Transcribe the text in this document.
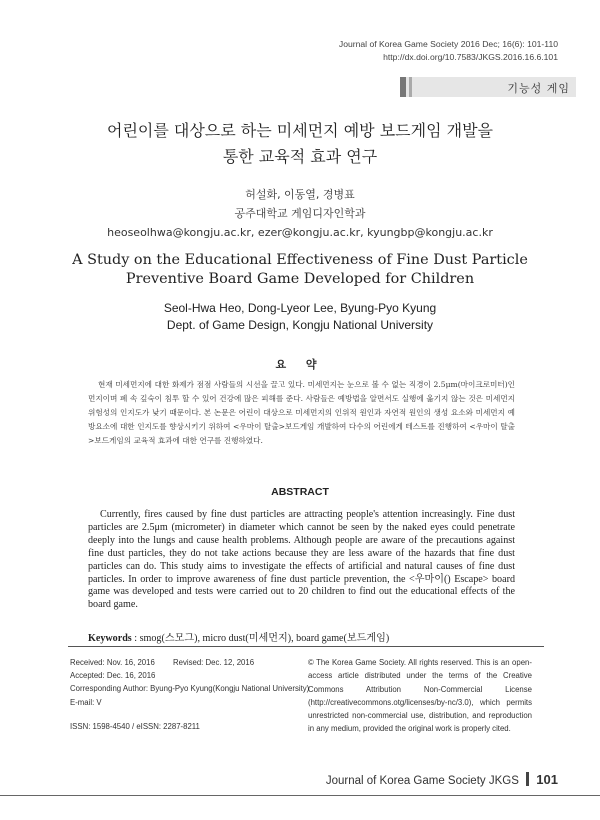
Journal of Korea Game Society 2016 Dec; 16(6): 101-110
http://dx.doi.org/10.7583/JKGS.2016.16.6.101
기능성 게임
어린이를 대상으로 하는 미세먼지 예방 보드게임 개발을
통한 교육적 효과 연구
허설화, 이동열, 경병표
공주대학교 게임디자인학과
heoseolhwa@kongju.ac.kr, ezer@kongju.ac.kr, kyungbp@kongju.ac.kr
A Study on the Educational Effectiveness of Fine Dust Particle
Preventive Board Game Developed for Children
Seol-Hwa Heo, Dong-Lyeor Lee, Byung-Pyo Kyung
Dept. of Game Design, Kongju National University
요 약
현재 미세먼지에 대한 화제가 점점 사람들의 시선을 끌고 있다. 미세먼지는 눈으로 볼 수 없는 직경이 2.5μm(마이크로미터)인 먼지이며 폐 속 깊숙이 침투 할 수 있어 건강에 많은 피해를 준다. 사람들은 예방법을 알면서도 실행에 옮기지 않는 것은 미세먼지 위험성의 인지도가 낮기 때문이다. 본 논문은 어린이 대상으로 미세먼지의 인위적 원인과 자연적 원인의 생성 요소와 미세먼지 예방요소에 대한 인지도를 향상시키기 위하여 <우마이 탈출>보드게임 개발하여 다수의 어린에게 테스트를 진행하여 <우마이 탈출>보드게임의 교육적 효과에 대한 연구를 진행하였다.
ABSTRACT
Currently, fires caused by fine dust particles are attracting people's attention increasingly. Fine dust particles are 2.5μm (micrometer) in diameter which cannot be seen by the naked eyes could penetrate deeply into the lungs and cause health problems. Although people are aware of the precautions against fine dust particles, they do not take actions because they are less aware of the hazards that fine dust particles can do. This study aims to investigate the effects of artificial and natural causes of fine dust particles. In order to improve awareness of fine dust particle prevention, the <우마이() Escape> board game was developed and tests were carried out to 20 children to find out the educational effects of the board game.
Keywords : smog(스모그), micro dust(미세먼지), board game(보드게임)
Received: Nov. 16, 2016 Revised: Dec. 12, 2016
Accepted: Dec. 16, 2016
Corresponding Author: Byung-Pyo Kyung(Kongju National University)
E-mail: V
ISSN: 1598-4540 / eISSN: 2287-8211
© The Korea Game Society. All rights reserved. This is an open-access article distributed under the terms of the Creative Commons Attribution Non-Commercial License (http://creativecommons.otg/licenses/by-nc/3.0), which permits unrestricted non-commercial use, distribution, and reproduction in any medium, provided the original work is properly cited.
Journal of Korea Game Society JKGS 101
